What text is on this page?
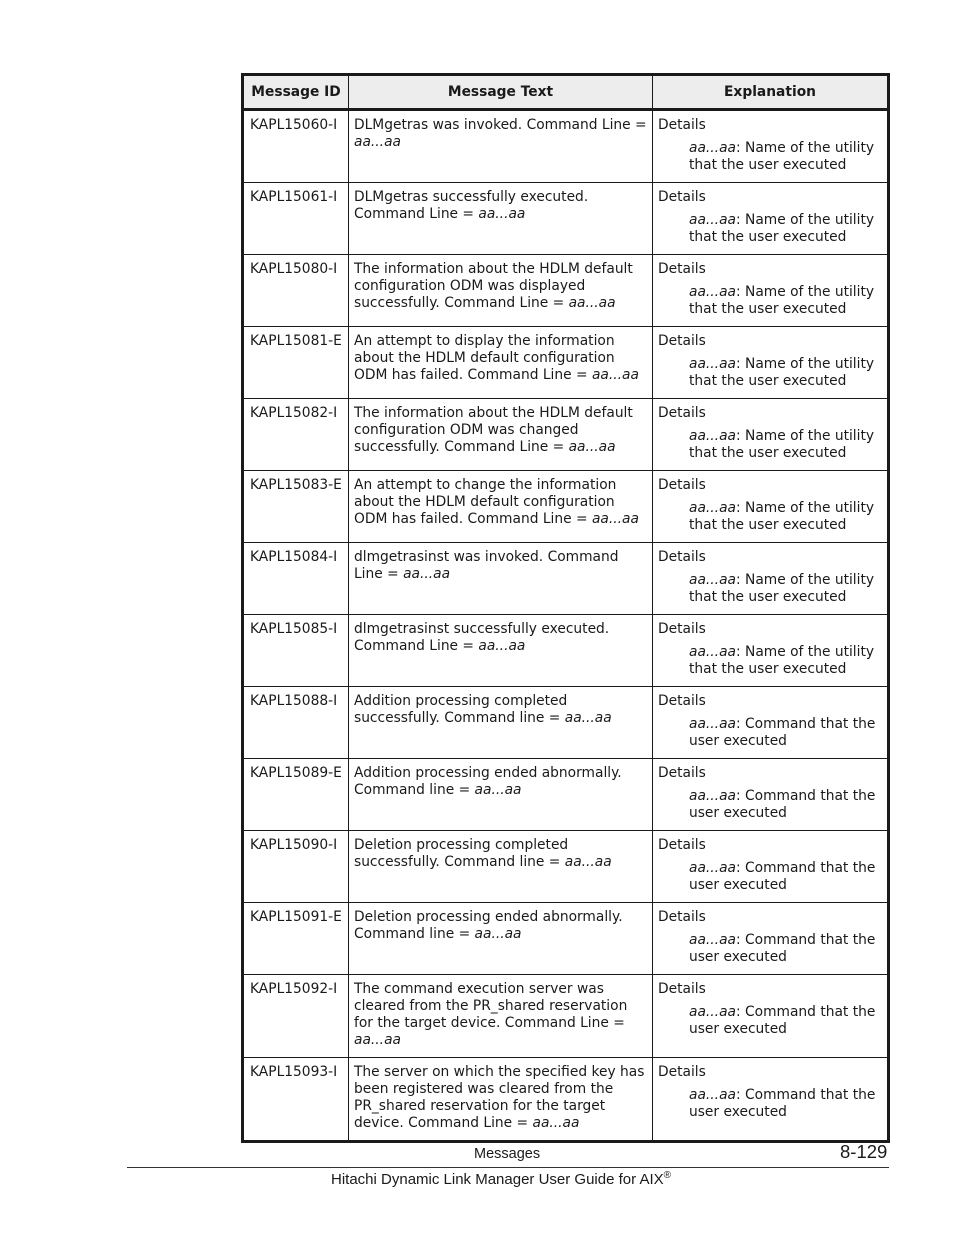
Message ID	Message Text	Explanation
KAPL15060-I	DLMgetras was invoked. Command Line = aa...aa	Details
aa...aa: Name of the utility that the user executed

KAPL15061-I	DLMgetras successfully executed. Command Line = aa...aa	Details
aa...aa: Name of the utility that the user executed

KAPL15080-I	The information about the HDLM default configuration ODM was displayed successfully. Command Line = aa...aa	Details
aa...aa: Name of the utility that the user executed

KAPL15081-E	An attempt to display the information about the HDLM default configuration ODM has failed. Command Line = aa...aa	Details
aa...aa: Name of the utility that the user executed

KAPL15082-I	The information about the HDLM default configuration ODM was changed successfully. Command Line = aa...aa	Details
aa...aa: Name of the utility that the user executed

KAPL15083-E	An attempt to change the information about the HDLM default configuration ODM has failed. Command Line = aa...aa	Details
aa...aa: Name of the utility that the user executed

KAPL15084-I	dlmgetrasinst was invoked. Command Line = aa...aa	Details
aa...aa: Name of the utility that the user executed

KAPL15085-I	dlmgetrasinst successfully executed. Command Line = aa...aa	Details
aa...aa: Name of the utility that the user executed

KAPL15088-I	Addition processing completed successfully. Command line = aa...aa	Details
aa...aa: Command that the user executed

KAPL15089-E	Addition processing ended abnormally. Command line = aa...aa	Details
aa...aa: Command that the user executed

KAPL15090-I	Deletion processing completed successfully. Command line = aa...aa	Details
aa...aa: Command that the user executed

KAPL15091-E	Deletion processing ended abnormally. Command line = aa...aa	Details
aa...aa: Command that the user executed

KAPL15092-I	The command execution server was cleared from the PR_shared reservation for the target device. Command Line = aa...aa	Details
aa...aa: Command that the user executed

KAPL15093-I	The server on which the specified key has been registered was cleared from the PR_shared reservation for the target device. Command Line = aa...aa	Details
aa...aa: Command that the user executed
Messages	8-129
Hitachi Dynamic Link Manager User Guide for AIX®
